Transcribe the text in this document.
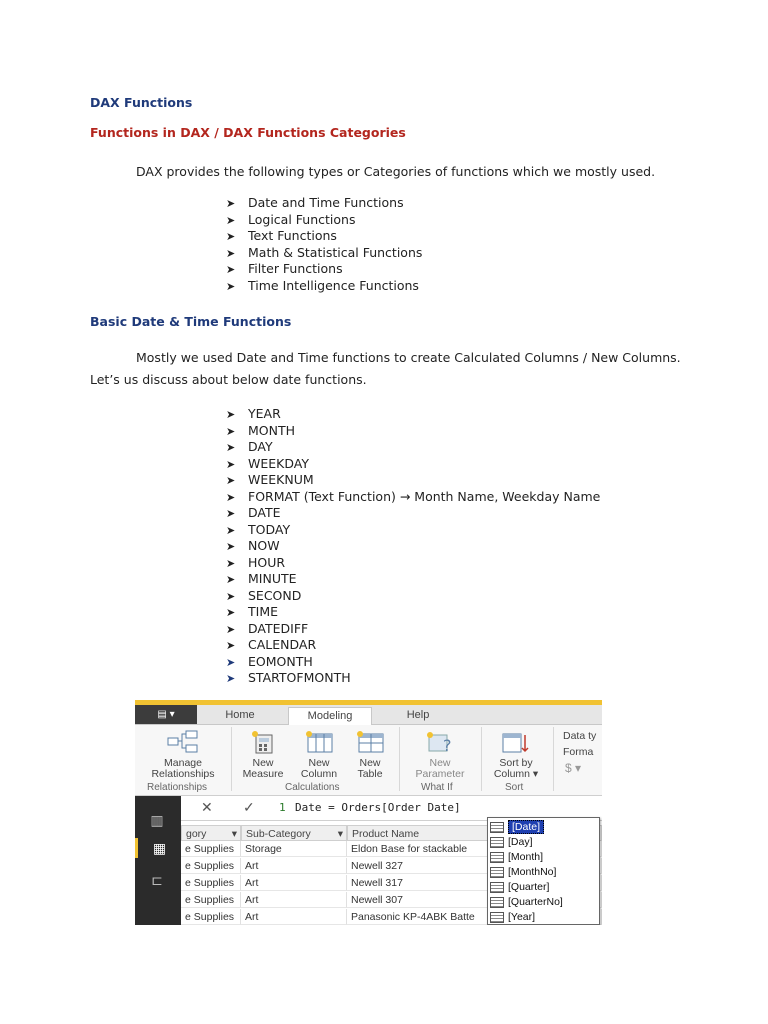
DAX Functions
Functions in DAX / DAX Functions Categories
DAX provides the following types or Categories of functions which we mostly used.
➤ Date and Time Functions
➤ Logical Functions
➤ Text Functions
➤ Math & Statistical Functions
➤ Filter Functions
➤ Time Intelligence Functions
Basic Date & Time Functions
Mostly we used Date and Time functions to create Calculated Columns / New Columns.
Let’s us discuss about below date functions.
➤ YEAR
➤ MONTH
➤ DAY
➤ WEEKDAY
➤ WEEKNUM
➤ FORMAT (Text Function) → Month Name, Weekday Name
➤ DATE
➤ TODAY
➤ NOW
➤ HOUR
➤ MINUTE
➤ SECOND
➤ TIME
➤ DATEDIFF
➤ CALENDAR
➤ EOMONTH
➤ STARTOFMONTH
▤ ▾	Home	Modeling	Help
Manage
Relationships
New
Measure
New
Column
New
Table
?
New
Parameter
Sort by
Column ▾
Data ty
Forma
$ ▾
Relationships	Calculations	What If	Sort
▥
▦
⊏
✕ ✓ 1 Date = Orders[Order Date]
gory ▾ Sub-Category	▾ Product Name
e Supplies	Storage	Eldon Base for stackable
e Supplies	Art	Newell 327
e Supplies	Art	Newell 317
e Supplies	Art	Newell 307
e Supplies	Art	Panasonic KP-4ABK Batte
[Date]
[Day]
[Month]
[MonthNo]
[Quarter]
[QuarterNo]
[Year]
